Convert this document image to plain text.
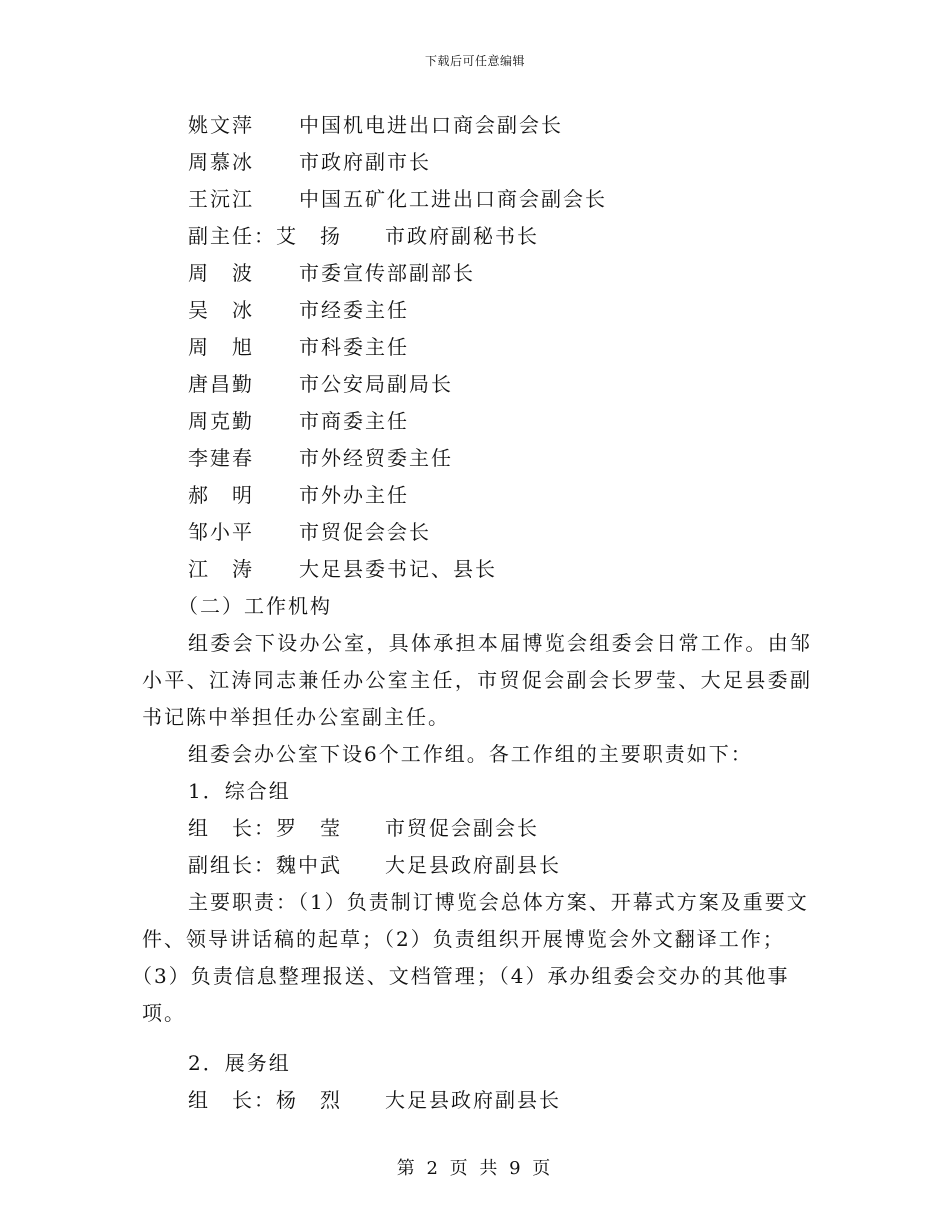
下载后可任意编辑
姚文萍 中国机电进出口商会副会长
周慕冰 市政府副市长
王沅江 中国五矿化工进出口商会副会长
副主任：艾　扬 市政府副秘书长
周　波 市委宣传部副部长
吴　冰 市经委主任
周　旭 市科委主任
唐昌勤 市公安局副局长
周克勤 市商委主任
李建春 市外经贸委主任
郝　明 市外办主任
邹小平 市贸促会会长
江　涛 大足县委书记、县长
（二）工作机构
组委会下设办公室，具体承担本届博览会组委会日常工作。由邹小平、江涛同志兼任办公室主任，市贸促会副会长罗莹、大足县委副书记陈中举担任办公室副主任。
组委会办公室下设6个工作组。各工作组的主要职责如下：
1．综合组
组　长：罗　莹 市贸促会副会长
副组长：魏中武 大足县政府副县长
主要职责：（1）负责制订博览会总体方案、开幕式方案及重要文
件、领导讲话稿的起草；（2）负责组织开展博览会外文翻译工作；
（3）负责信息整理报送、文档管理；（4）承办组委会交办的其他事
项。
2．展务组
组　长：杨　烈 大足县政府副县长
第 2 页 共 9 页
